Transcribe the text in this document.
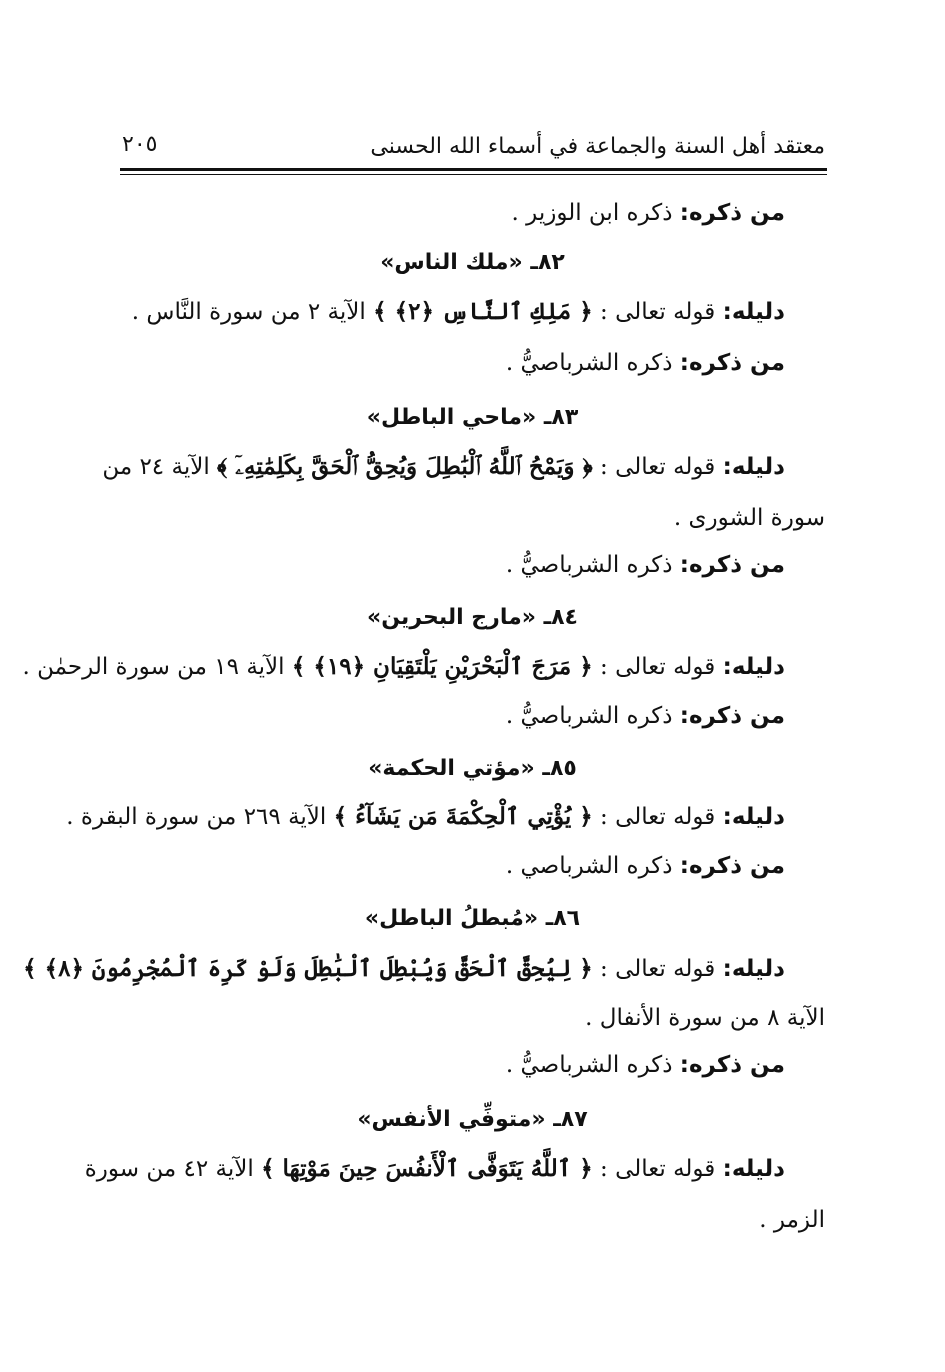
معتقد أهل السنة والجماعة في أسماء الله الحسنى
٢٠٥
من ذكره: ذكره ابن الوزير .
٨٢ـ «ملك الناس»
دليله: قوله تعالى : ﴿ مَلِكِ ٱلنَّاسِ ﴿٢﴾ ﴾ الآية ٢ من سورة النَّاس .
من ذكره: ذكره الشرباصيُّ .
٨٣ـ «ماحي الباطل»
دليله: قوله تعالى : ﴿ وَيَمْحُ ٱللَّهُ ٱلْبَٰطِلَ وَيُحِقُّ ٱلْحَقَّ بِكَلِمَٰتِهِۦٓ ﴾ الآية ٢٤ من
سورة الشورى .
من ذكره: ذكره الشرباصيُّ .
٨٤ـ «مارج البحرين»
دليله: قوله تعالى : ﴿ مَرَجَ ٱلْبَحْرَيْنِ يَلْتَقِيَانِ ﴿١٩﴾ ﴾ الآية ١٩ من سورة الرحمٰن .
من ذكره: ذكره الشرباصيُّ .
٨٥ـ «مؤتي الحكمة»
دليله: قوله تعالى : ﴿ يُؤْتِي ٱلْحِكْمَةَ مَن يَشَآءُ ﴾ الآية ٢٦٩ من سورة البقرة .
من ذكره: ذكره الشرباصي .
٨٦ـ «مُبطلُ الباطل»
دليله: قوله تعالى : ﴿ لِيُحِقَّ ٱلْحَقَّ وَيُبْطِلَ ٱلْبَٰطِلَ وَلَوْ كَرِهَ ٱلْمُجْرِمُونَ ﴿٨﴾ ﴾
الآية ٨ من سورة الأنفال .
من ذكره: ذكره الشرباصيُّ .
٨٧ـ «متوفِّي الأنفس»
دليله: قوله تعالى : ﴿ ٱللَّهُ يَتَوَفَّى ٱلْأَنفُسَ حِينَ مَوْتِهَا ﴾ الآية ٤٢ من سورة
الزمر .
